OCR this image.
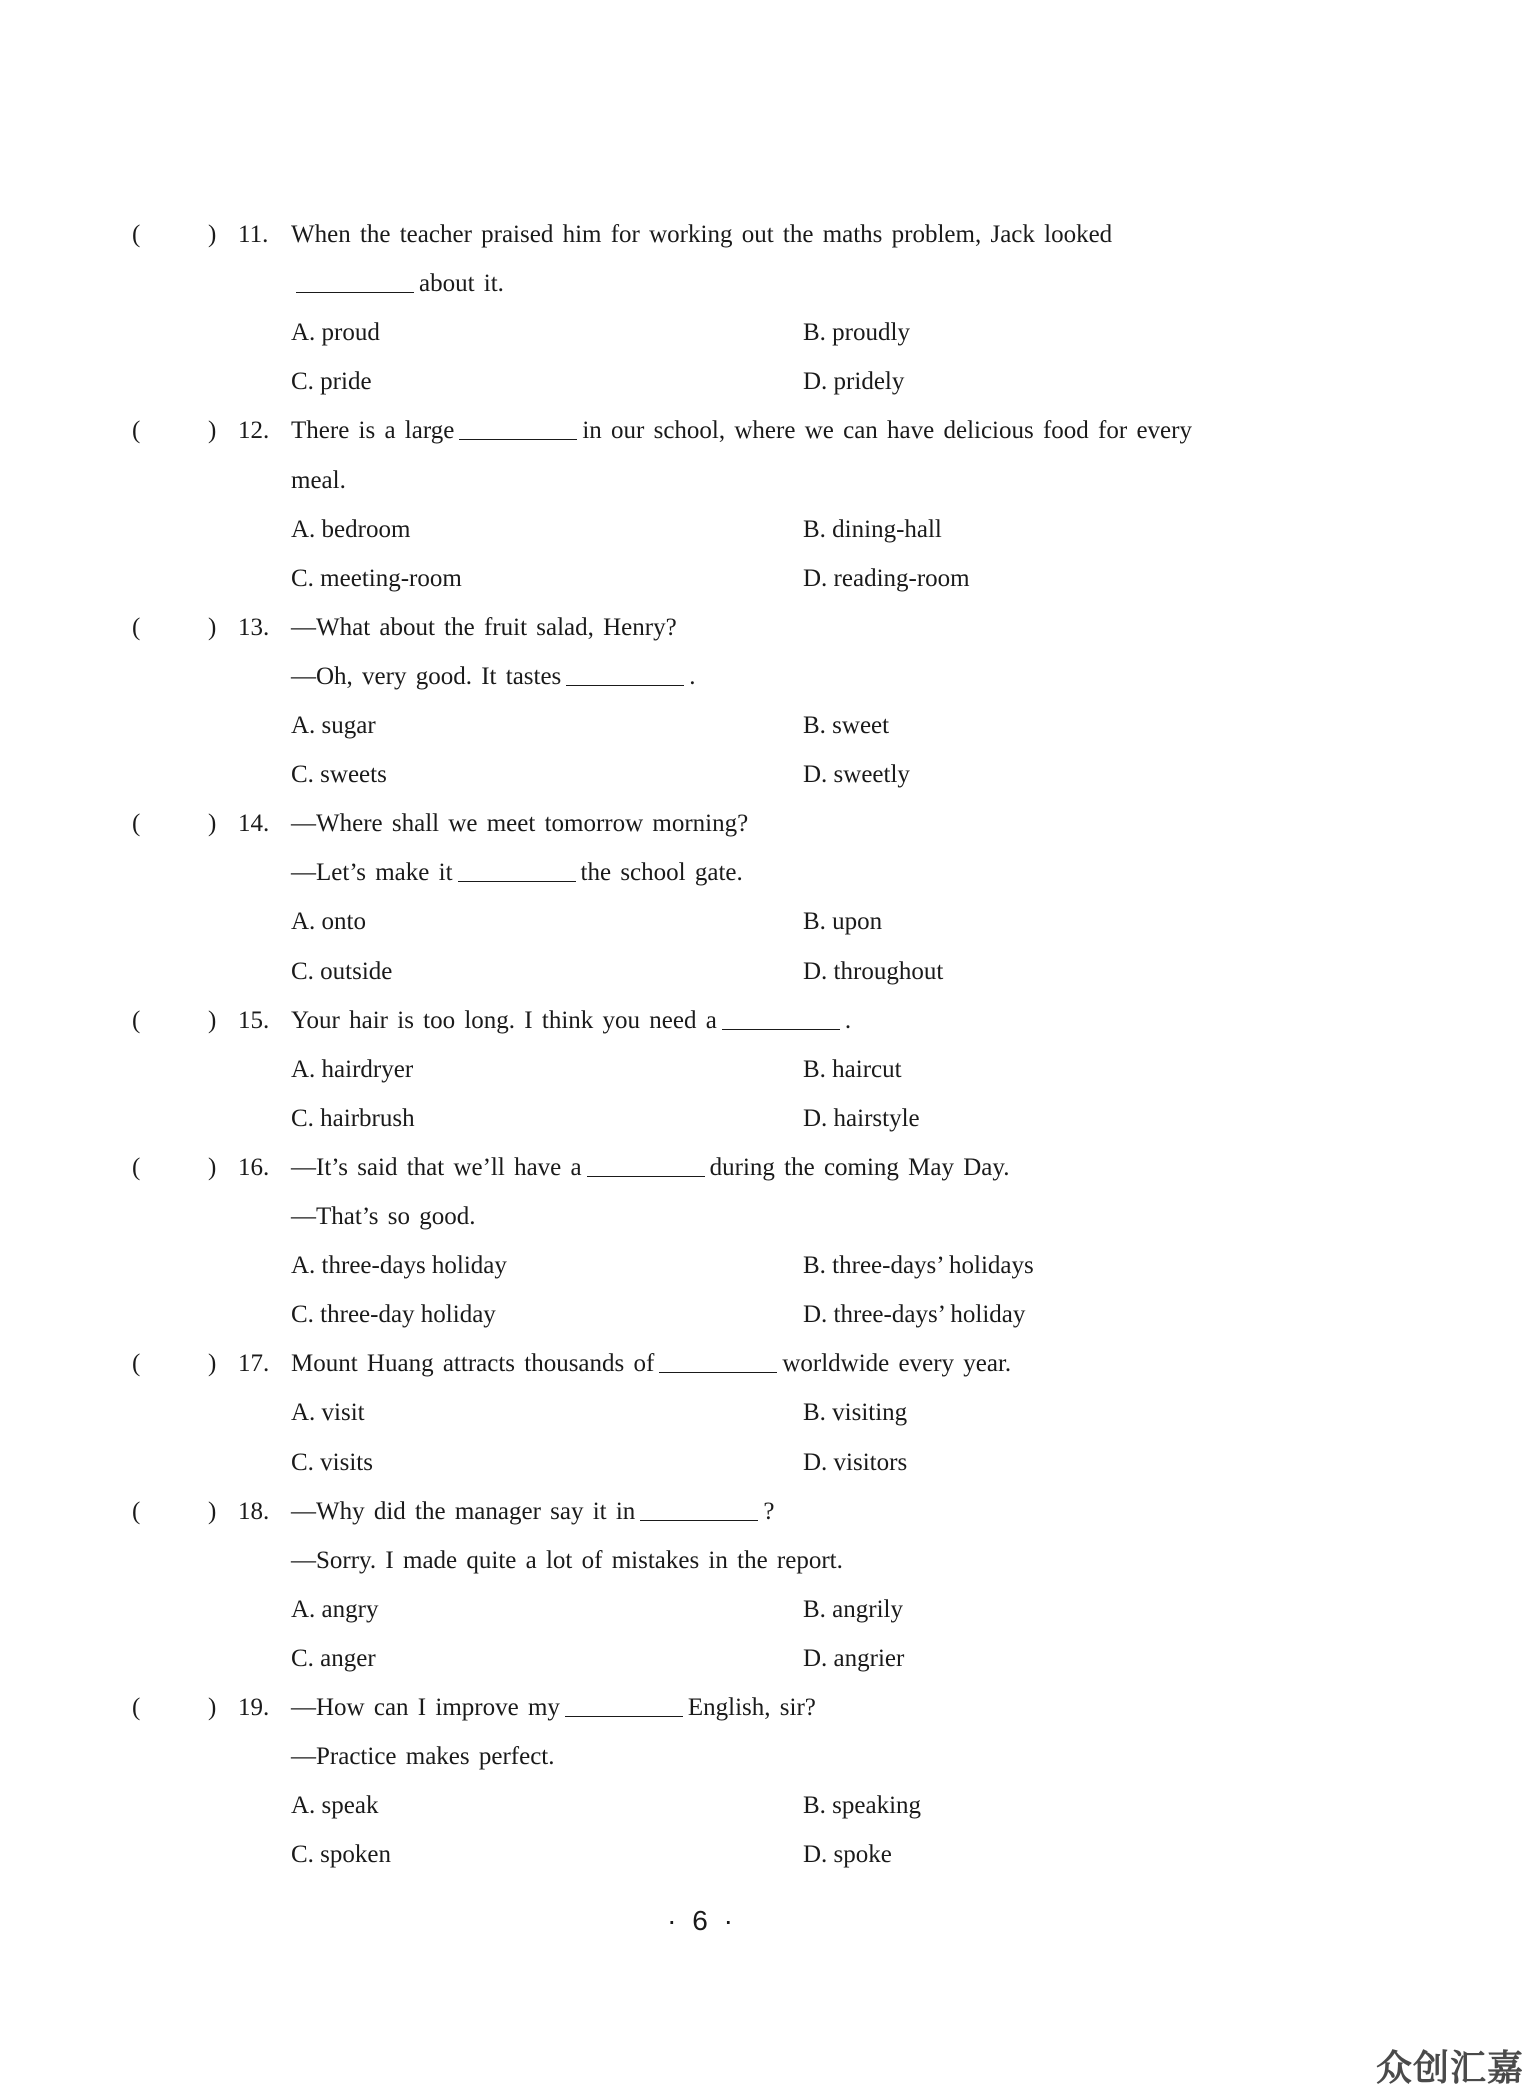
(	) 11. When the teacher praised him for working out the maths problem, Jack looked
about it.
A. proud	B. proudly
C. pride	D. pridely
(	) 12. There is a large	in our school, where we can have delicious food for every
meal.
A. bedroom	B. dining-hall
C. meeting-room	D. reading-room
(	) 13. —What about the fruit salad, Henry?
—Oh, very good. It tastes	.
A. sugar	B. sweet
C. sweets	D. sweetly
(	) 14. —Where shall we meet tomorrow morning?
—Let’s make it	the school gate.
A. onto	B. upon
C. outside	D. throughout
(	) 15. Your hair is too long. I think you need a	.
A. hairdryer	B. haircut
C. hairbrush	D. hairstyle
(	) 16. —It’s said that we’ll have a	during the coming May Day.
—That’s so good.
A. three-days holiday	B. three-days’ holidays
C. three-day holiday	D. three-days’ holiday
(	) 17. Mount Huang attracts thousands of	worldwide every year.
A. visit	B. visiting
C. visits	D. visitors
(	) 18. —Why did the manager say it in	?
—Sorry. I made quite a lot of mistakes in the report.
A. angry	B. angrily
C. anger	D. angrier
(	) 19. —How can I improve my	English, sir?
—Practice makes perfect.
A. speak	B. speaking
C. spoken	D. spoke
· 6 ·
众创汇嘉
